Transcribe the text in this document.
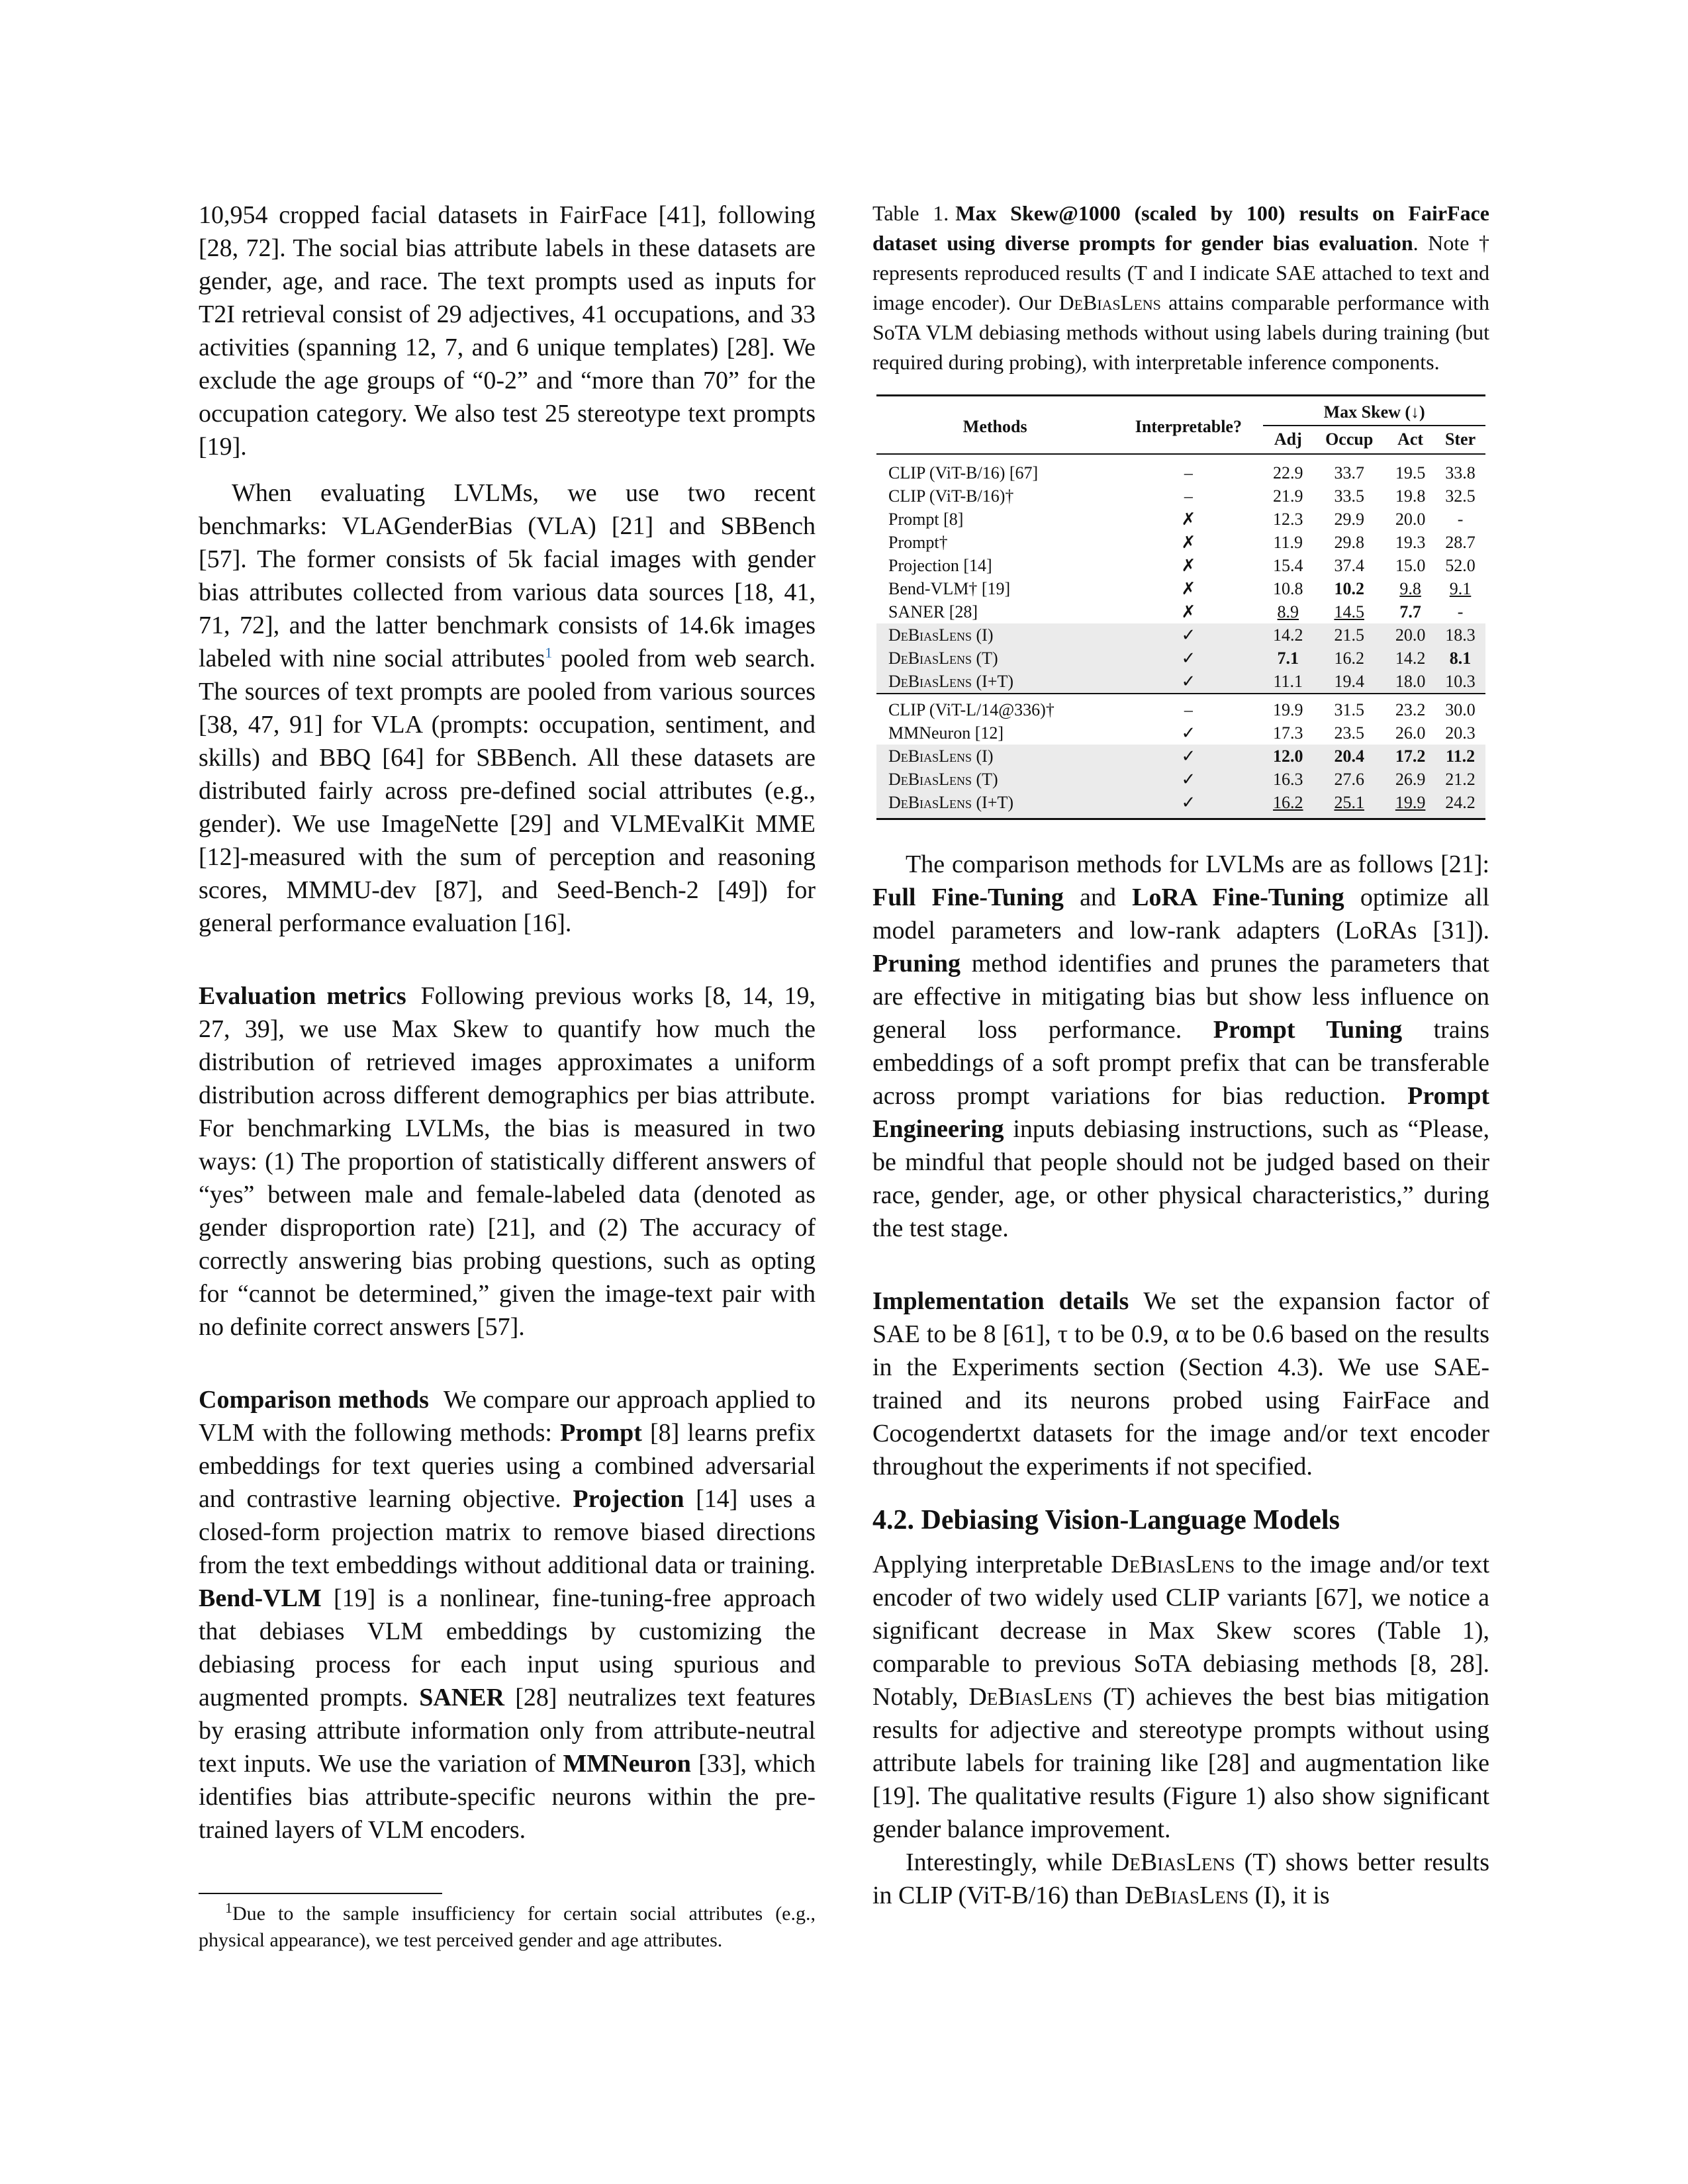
10,954 cropped facial datasets in FairFace [41], following [28, 72]. The social bias attribute labels in these datasets are gender, age, and race. The text prompts used as inputs for T2I retrieval consist of 29 adjectives, 41 occupations, and 33 activities (spanning 12, 7, and 6 unique templates) [28]. We exclude the age groups of “0-2” and “more than 70” for the occupation category. We also test 25 stereotype text prompts [19].

When evaluating LVLMs, we use two recent benchmarks: VLAGenderBias (VLA) [21] and SBBench [57]. The former consists of 5k facial images with gender bias attributes collected from various data sources [18, 41, 71, 72], and the latter benchmark consists of 14.6k images labeled with nine social attributes$^1$ pooled from web search. The sources of text prompts are pooled from various sources [38, 47, 91] for VLA (prompts: occupation, sentiment, and skills) and BBQ [64] for SBBench. All these datasets are distributed fairly across pre-defined social attributes (e.g., gender). We use ImageNette [29] and VLMEvalKit MME [12]-measured with the sum of perception and reasoning scores, MMMU-dev [87], and Seed-Bench-2 [49]) for general performance evaluation [16].

Evaluation metrics Following previous works [8, 14, 19, 27, 39], we use Max Skew to quantify how much the distribution of retrieved images approximates a uniform distribution across different demographics per bias attribute. For benchmarking LVLMs, the bias is measured in two ways: (1) The proportion of statistically different answers of “yes” between male and female-labeled data (denoted as gender disproportion rate) [21], and (2) The accuracy of correctly answering bias probing questions, such as opting for “cannot be determined,” given the image-text pair with no definite correct answers [57].

Comparison methods We compare our approach applied to VLM with the following methods: Prompt [8] learns prefix embeddings for text queries using a combined adversarial and contrastive learning objective. Projection [14] uses a closed-form projection matrix to remove biased directions from the text embeddings without additional data or training. Bend-VLM [19] is a nonlinear, fine-tuning-free approach that debiases VLM embeddings by customizing the debiasing process for each input using spurious and augmented prompts. SANER [28] neutralizes text features by erasing attribute information only from attribute-neutral text inputs. We use the variation of MMNeuron [33], which identifies bias attribute-specific neurons within the pre-trained layers of VLM encoders.

$^1$Due to the sample insufficiency for certain social attributes (e.g., physical appearance), we test perceived gender and age attributes.

Table 1. Max Skew@1000 (scaled by 100) results on FairFace dataset using diverse prompts for gender bias evaluation. Note † represents reproduced results (T and I indicate SAE attached to text and image encoder). Our DeBiasLens attains comparable performance with SoTA VLM debiasing methods without using labels during training (but required during probing), with interpretable inference components.

Methods	Interpretable?	Max Skew (↓)			
		Adj	Occup	Act	Ster
CLIP (ViT-B/16) [67]	–	22.9	33.7	19.5	33.8
CLIP (ViT-B/16)†	–	21.9	33.5	19.8	32.5
Prompt [8]	✗	12.3	29.9	20.0	-
Prompt†	✗	11.9	29.8	19.3	28.7
Projection [14]	✗	15.4	37.4	15.0	52.0
Bend-VLM† [19]	✗	10.8	10.2	9.8	9.1
SANER [28]	✗	8.9	14.5	7.7	-
DeBiasLens (I)	✓	14.2	21.5	20.0	18.3
DeBiasLens (T)	✓	7.1	16.2	14.2	8.1
DeBiasLens (I+T)	✓	11.1	19.4	18.0	10.3
CLIP (ViT-L/14@336)†	–	19.9	31.5	23.2	30.0
MMNeuron [12]	✓	17.3	23.5	26.0	20.3
DeBiasLens (I)	✓	12.0	20.4	17.2	11.2
DeBiasLens (T)	✓	16.3	27.6	26.9	21.2
DeBiasLens (I+T)	✓	16.2	25.1	19.9	24.2

The comparison methods for LVLMs are as follows [21]: Full Fine-Tuning and LoRA Fine-Tuning optimize all model parameters and low-rank adapters (LoRAs [31]). Pruning method identifies and prunes the parameters that are effective in mitigating bias but show less influence on general loss performance. Prompt Tuning trains embeddings of a soft prompt prefix that can be transferable across prompt variations for bias reduction. Prompt Engineering inputs debiasing instructions, such as “Please, be mindful that people should not be judged based on their race, gender, age, or other physical characteristics,” during the test stage.

Implementation details We set the expansion factor of SAE to be 8 [61], τ to be 0.9, α to be 0.6 based on the results in the Experiments section (Section 4.3). We use SAE-trained and its neurons probed using FairFace and Cocogendertxt datasets for the image and/or text encoder throughout the experiments if not specified.

4.2. Debiasing Vision-Language Models

Applying interpretable DeBiasLens to the image and/or text encoder of two widely used CLIP variants [67], we notice a significant decrease in Max Skew scores (Table 1), comparable to previous SoTA debiasing methods [8, 28]. Notably, DeBiasLens (T) achieves the best bias mitigation results for adjective and stereotype prompts without using attribute labels for training like [28] and augmentation like [19]. The qualitative results (Figure 1) also show significant gender balance improvement.

Interestingly, while DeBiasLens (T) shows better results in CLIP (ViT-B/16) than DeBiasLens (I), it is
